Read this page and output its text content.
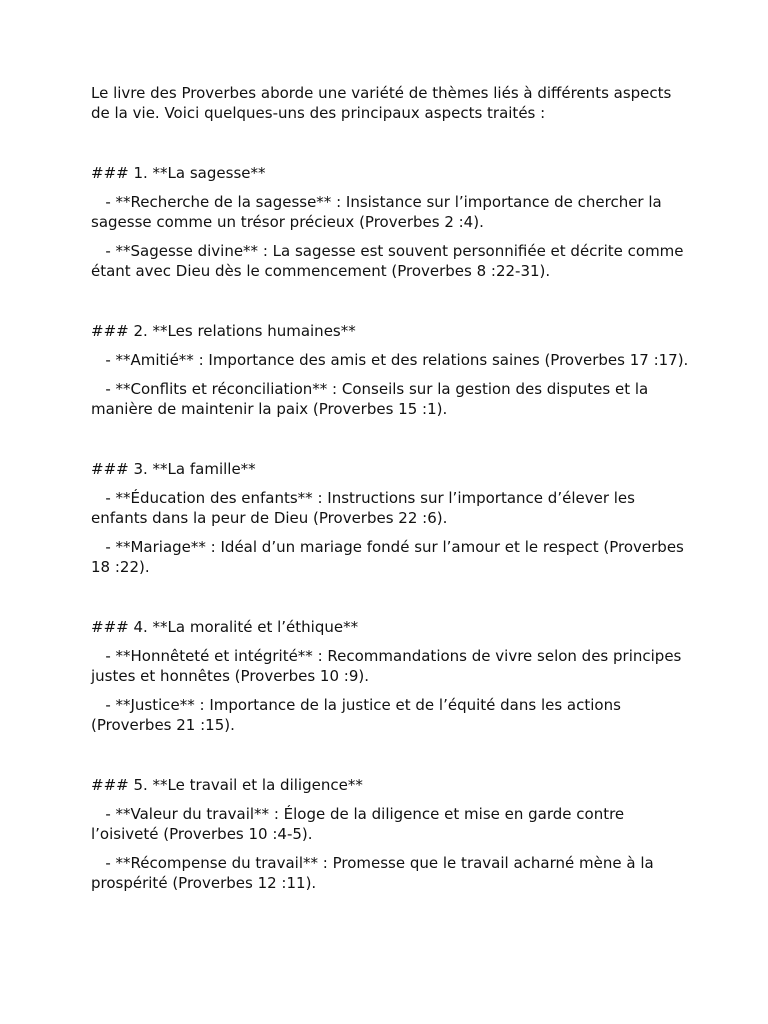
Le livre des Proverbes aborde une variété de thèmes liés à différents aspects de la vie. Voici quelques-uns des principaux aspects traités :

### 1. **La sagesse**

- **Recherche de la sagesse** : Insistance sur l’importance de chercher la sagesse comme un trésor précieux (Proverbes 2 :4).

- **Sagesse divine** : La sagesse est souvent personnifiée et décrite comme étant avec Dieu dès le commencement (Proverbes 8 :22-31).

### 2. **Les relations humaines**

- **Amitié** : Importance des amis et des relations saines (Proverbes 17 :17).

- **Conflits et réconciliation** : Conseils sur la gestion des disputes et la manière de maintenir la paix (Proverbes 15 :1).

### 3. **La famille**

- **Éducation des enfants** : Instructions sur l’importance d’élever les enfants dans la peur de Dieu (Proverbes 22 :6).

- **Mariage** : Idéal d’un mariage fondé sur l’amour et le respect (Proverbes 18 :22).

### 4. **La moralité et l’éthique**

- **Honnêteté et intégrité** : Recommandations de vivre selon des principes justes et honnêtes (Proverbes 10 :9).

- **Justice** : Importance de la justice et de l’équité dans les actions (Proverbes 21 :15).

### 5. **Le travail et la diligence**

- **Valeur du travail** : Éloge de la diligence et mise en garde contre l’oisiveté (Proverbes 10 :4-5).

- **Récompense du travail** : Promesse que le travail acharné mène à la prospérité (Proverbes 12 :11).
